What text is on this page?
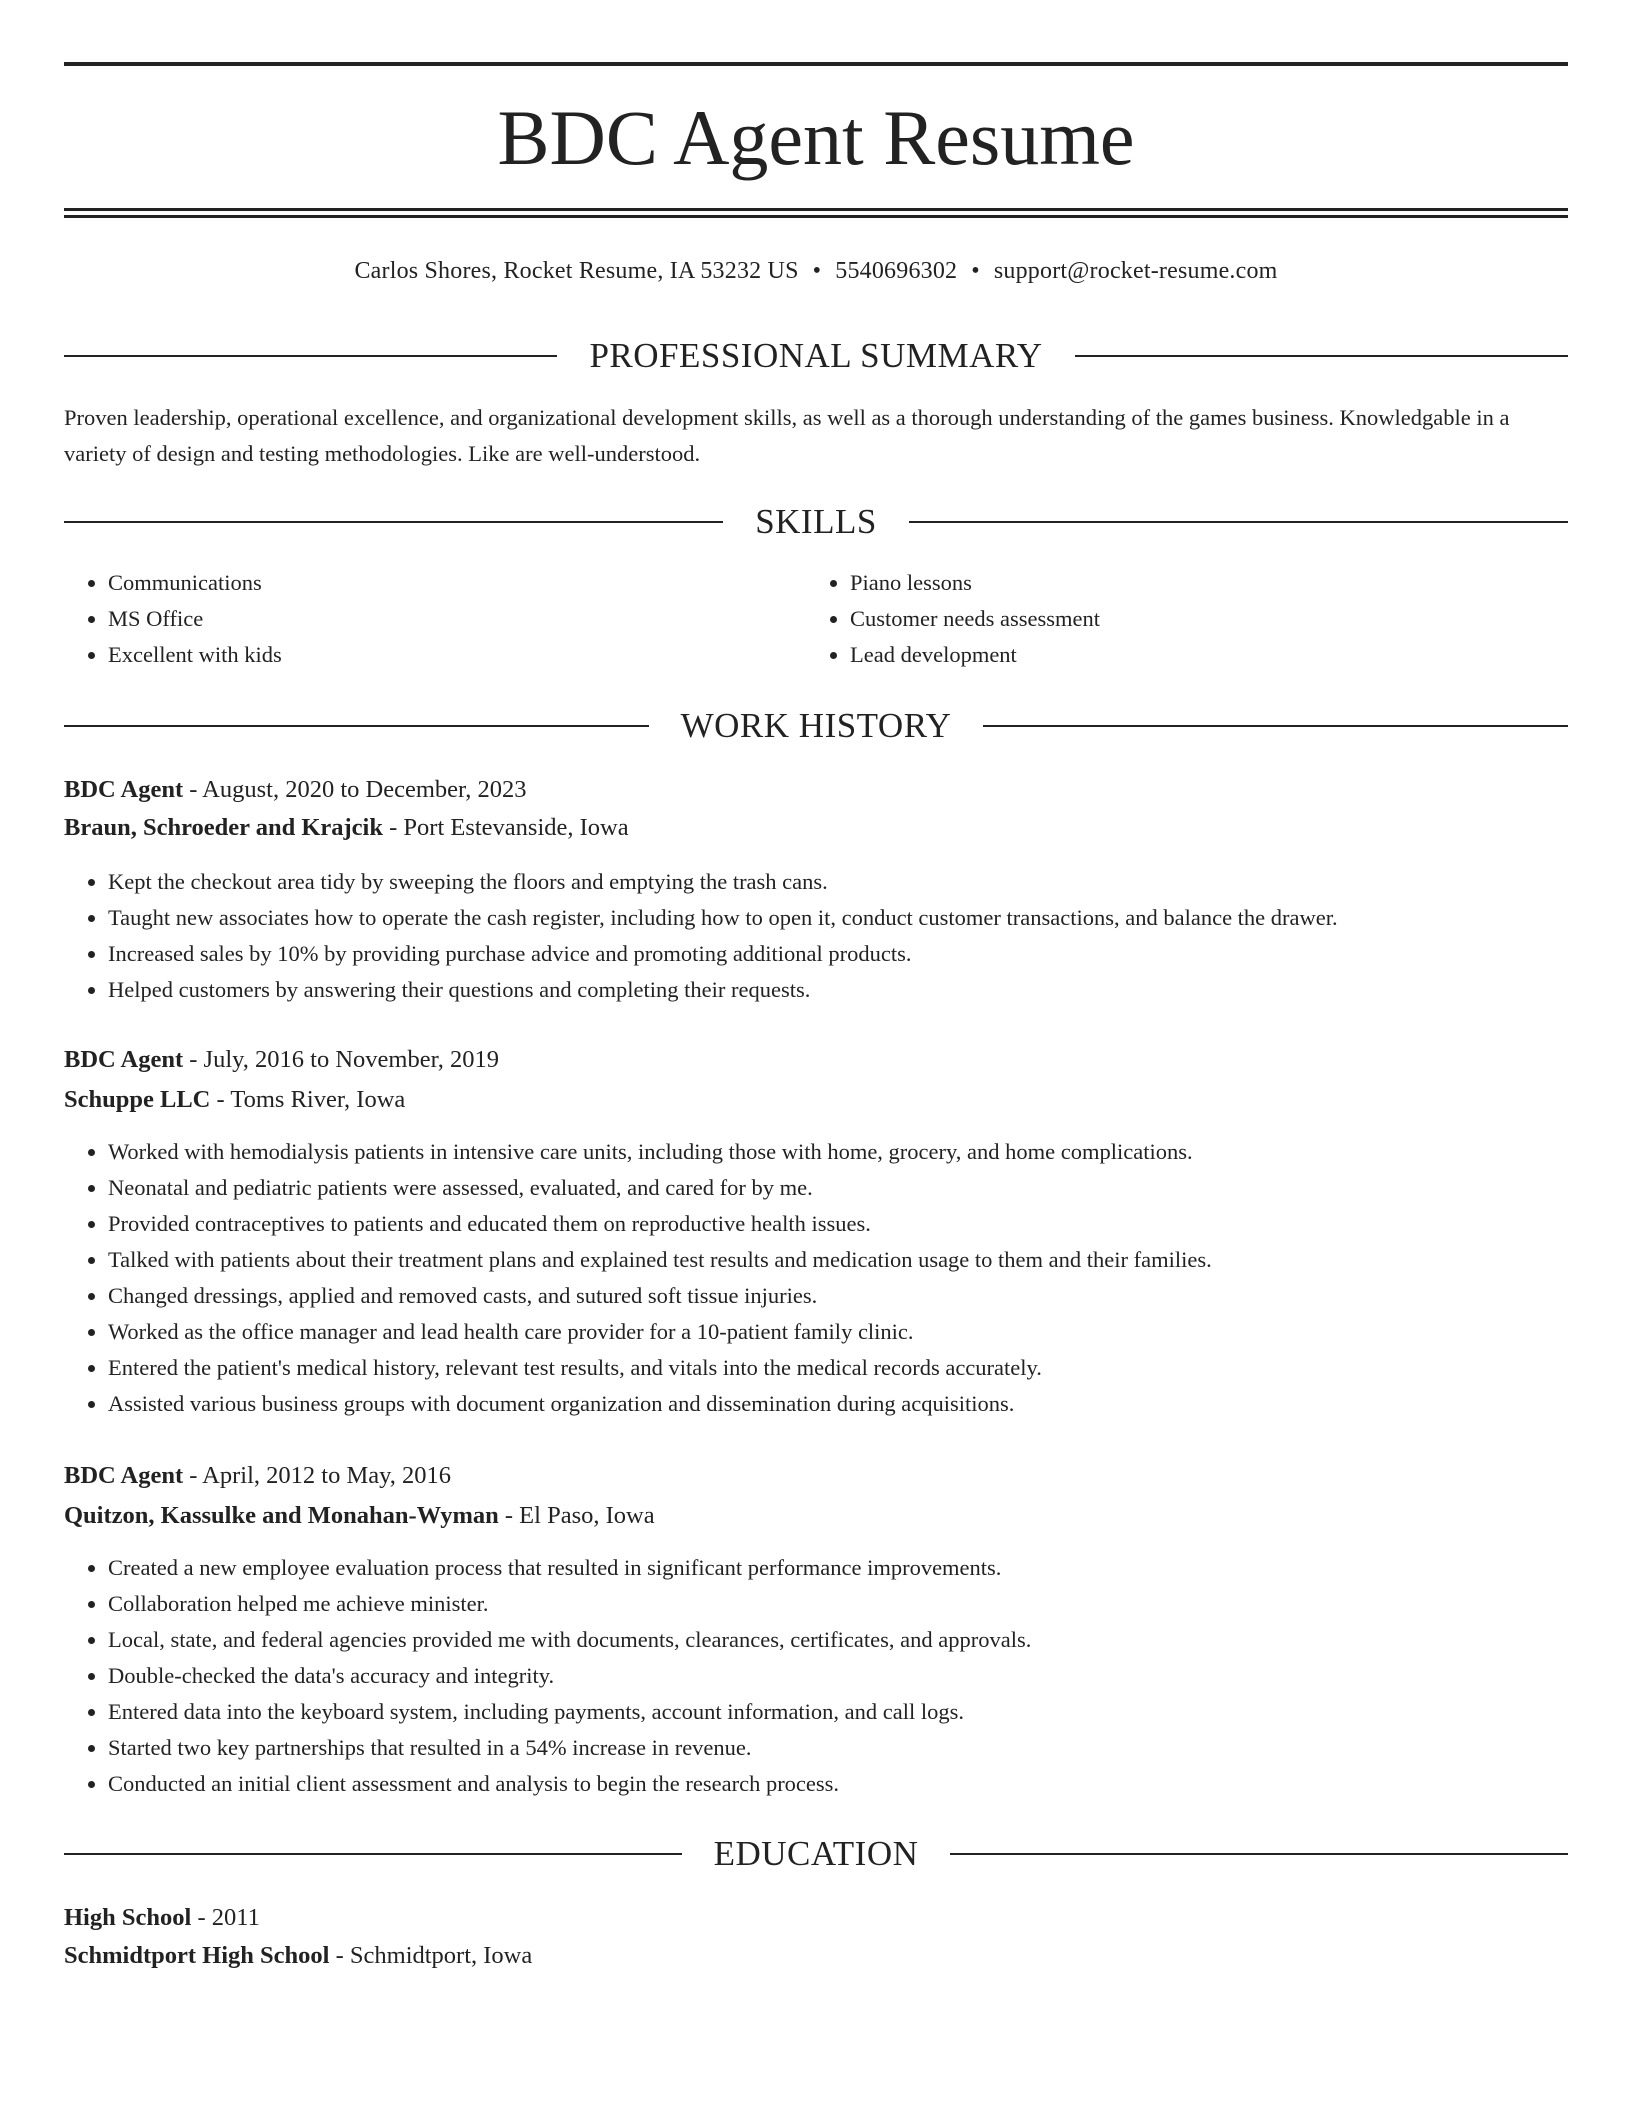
BDC Agent Resume
Carlos Shores, Rocket Resume, IA 53232 US • 5540696302 • support@rocket-resume.com
PROFESSIONAL SUMMARY

Proven leadership, operational excellence, and organizational development skills, as well as a thorough understanding of the games business. Knowledgable in a variety of design and testing methodologies. Like are well-understood.

SKILLS
• Communications
• MS Office
• Excellent with kids
• Piano lessons
• Customer needs assessment
• Lead development
WORK HISTORY
BDC Agent - August, 2020 to December, 2023
Braun, Schroeder and Krajcik - Port Estevanside, Iowa
• Kept the checkout area tidy by sweeping the floors and emptying the trash cans.
• Taught new associates how to operate the cash register, including how to open it, conduct customer transactions, and balance the drawer.
• Increased sales by 10% by providing purchase advice and promoting additional products.
• Helped customers by answering their questions and completing their requests.
BDC Agent - July, 2016 to November, 2019
Schuppe LLC - Toms River, Iowa
• Worked with hemodialysis patients in intensive care units, including those with home, grocery, and home complications.
• Neonatal and pediatric patients were assessed, evaluated, and cared for by me.
• Provided contraceptives to patients and educated them on reproductive health issues.
• Talked with patients about their treatment plans and explained test results and medication usage to them and their families.
• Changed dressings, applied and removed casts, and sutured soft tissue injuries.
• Worked as the office manager and lead health care provider for a 10-patient family clinic.
• Entered the patient's medical history, relevant test results, and vitals into the medical records accurately.
• Assisted various business groups with document organization and dissemination during acquisitions.
BDC Agent - April, 2012 to May, 2016
Quitzon, Kassulke and Monahan-Wyman - El Paso, Iowa
• Created a new employee evaluation process that resulted in significant performance improvements.
• Collaboration helped me achieve minister.
• Local, state, and federal agencies provided me with documents, clearances, certificates, and approvals.
• Double-checked the data's accuracy and integrity.
• Entered data into the keyboard system, including payments, account information, and call logs.
• Started two key partnerships that resulted in a 54% increase in revenue.
• Conducted an initial client assessment and analysis to begin the research process.
EDUCATION
High School - 2011
Schmidtport High School - Schmidtport, Iowa
